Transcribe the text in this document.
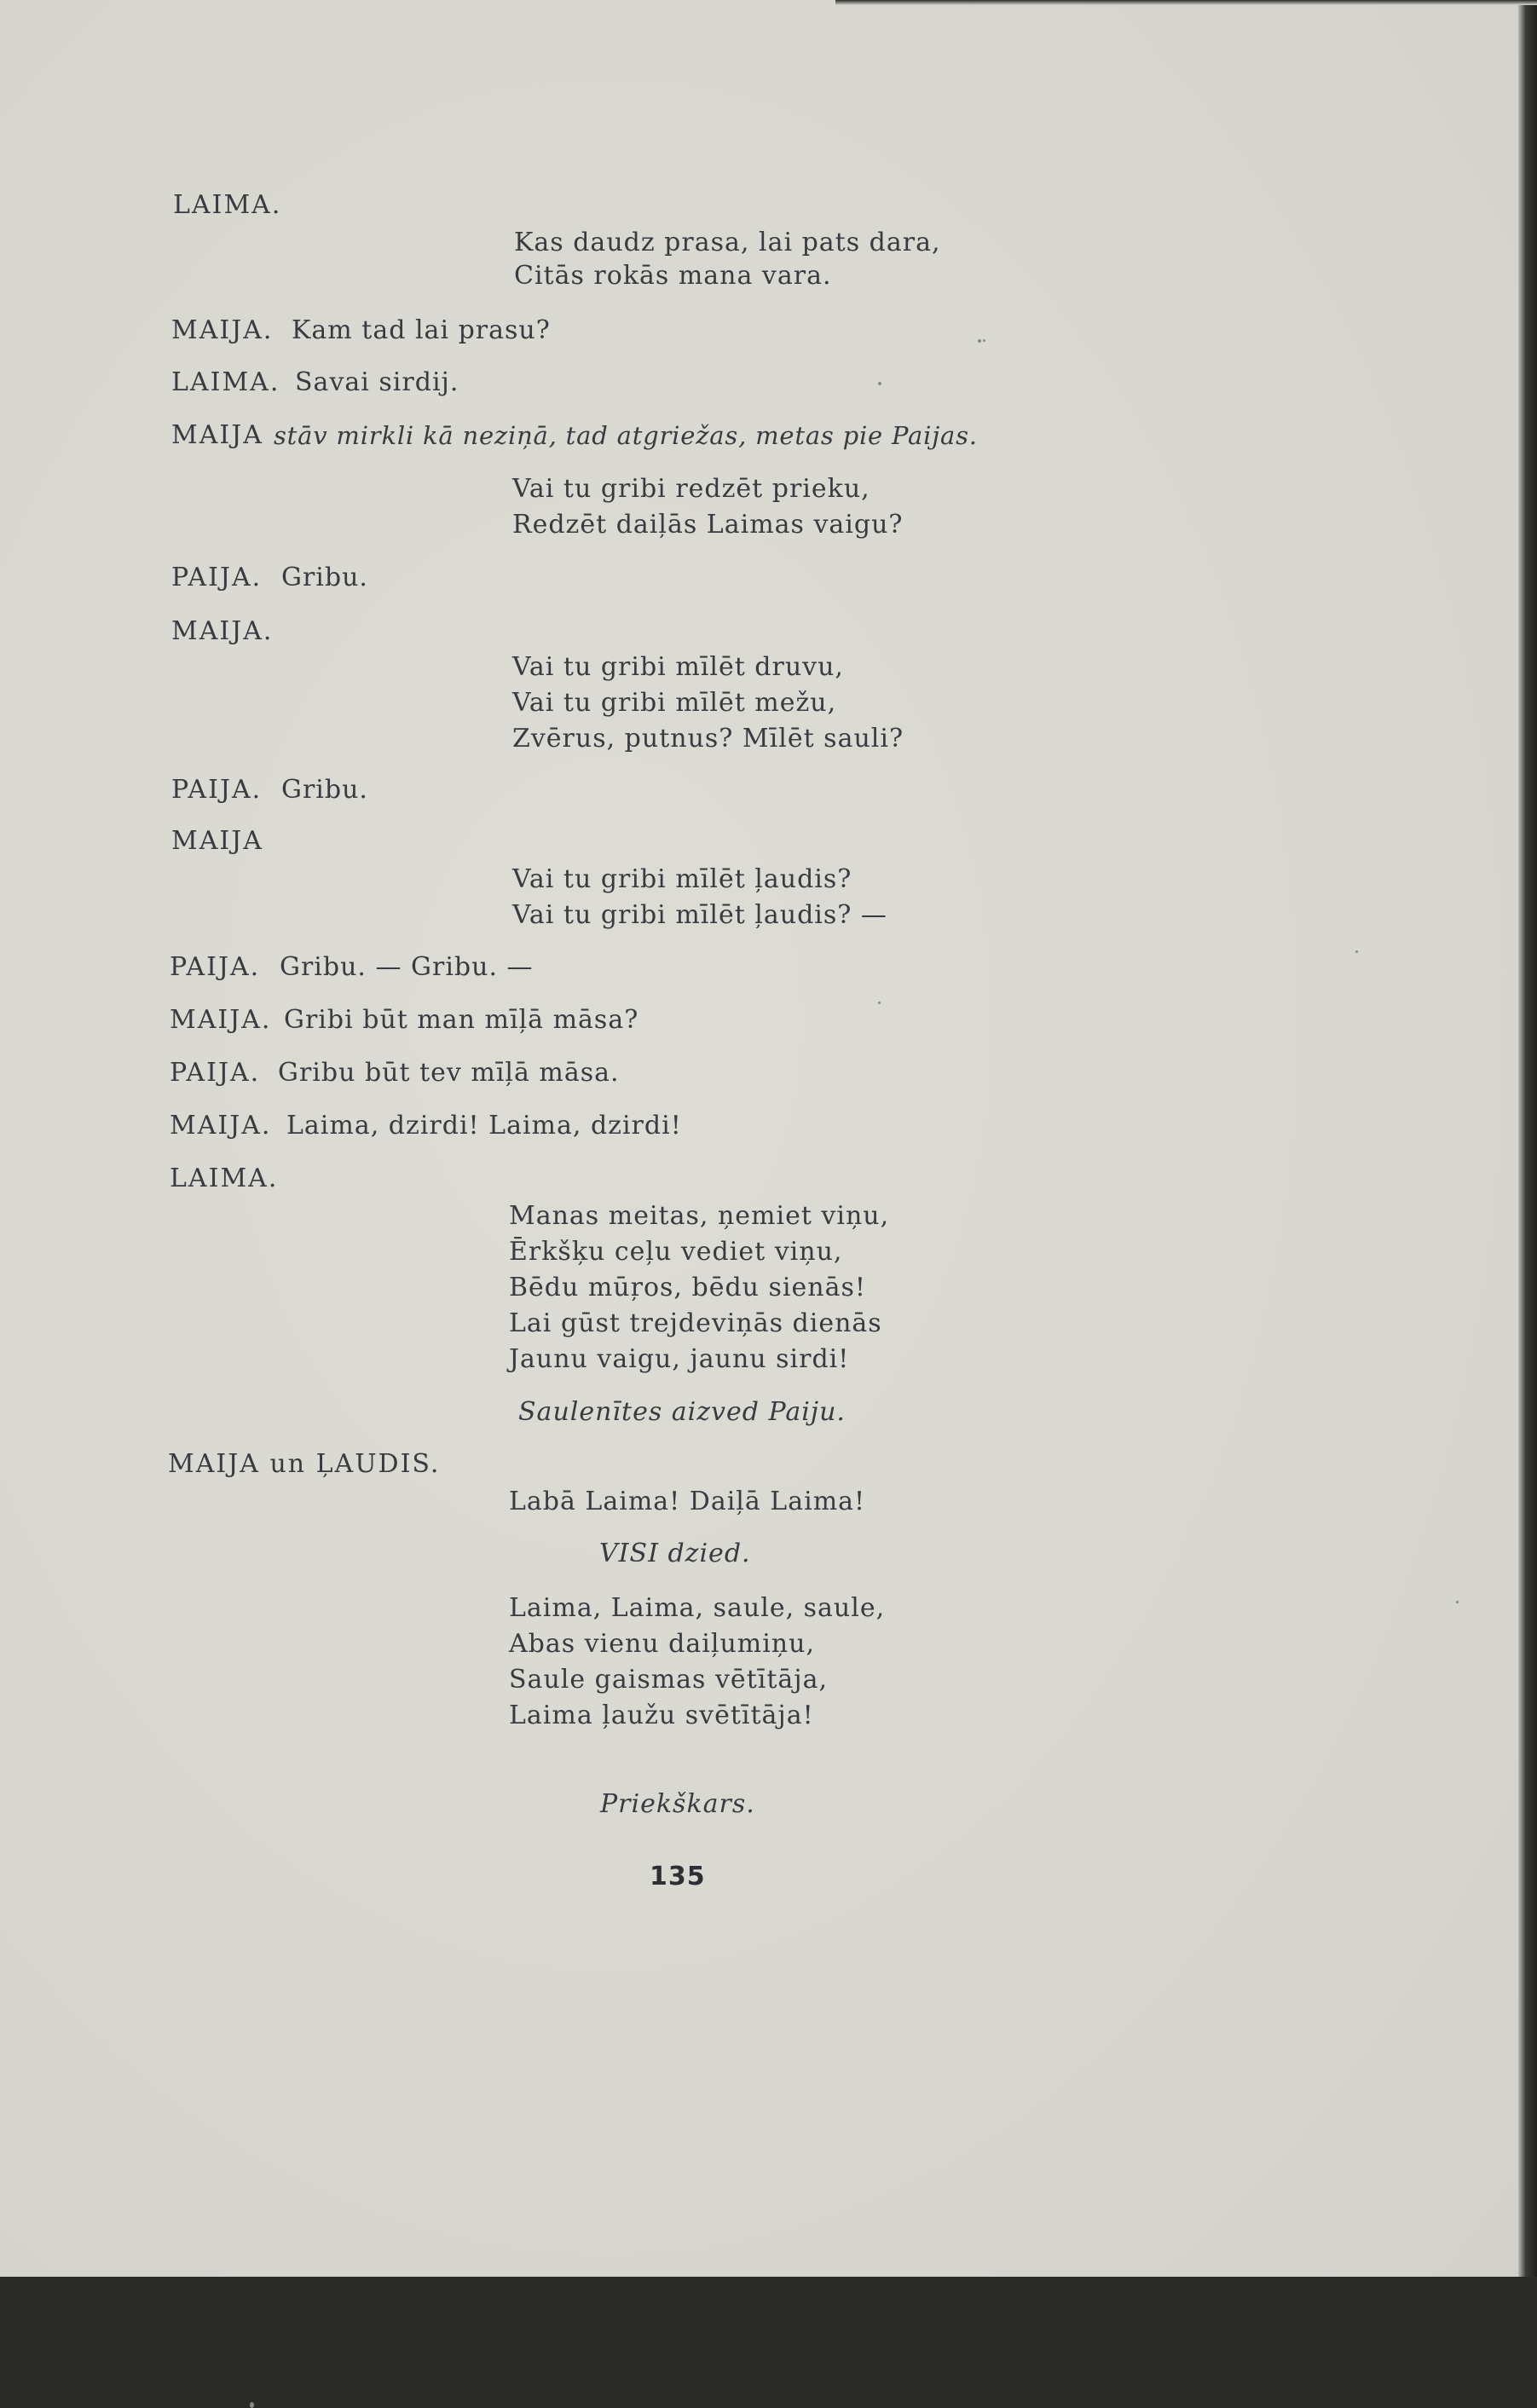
LAIMA.
Kas daudz prasa, lai pats dara,
Citās rokās mana vara.
MAIJA. Kam tad lai prasu?
LAIMA. Savai sirdij.
MAIJA stāv mirkli kā neziņā, tad atgriežas, metas pie Paijas.
Vai tu gribi redzēt prieku,
Redzēt daiļās Laimas vaigu?
PAIJA. Gribu.
MAIJA.
Vai tu gribi mīlēt druvu,
Vai tu gribi mīlēt mežu,
Zvērus, putnus? Mīlēt sauli?
PAIJA. Gribu.
MAIJA
Vai tu gribi mīlēt ļaudis?
Vai tu gribi mīlēt ļaudis? —
PAIJA. Gribu. — Gribu. —
MAIJA. Gribi būt man mīļā māsa?
PAIJA. Gribu būt tev mīļā māsa.
MAIJA. Laima, dzirdi! Laima, dzirdi!
LAIMA.
Manas meitas, ņemiet viņu,
Ērkšķu ceļu vediet viņu,
Bēdu mūŗos, bēdu sienās!
Lai gūst trejdeviņās dienās
Jaunu vaigu, jaunu sirdi!
Saulenītes aizved Paiju.
MAIJA un ĻAUDIS.
Labā Laima! Daiļā Laima!
VISI dzied.
Laima, Laima, saule, saule,
Abas vienu daiļumiņu,
Saule gaismas vētītāja,
Laima ļaužu svētītāja!
Priekškars.
135
